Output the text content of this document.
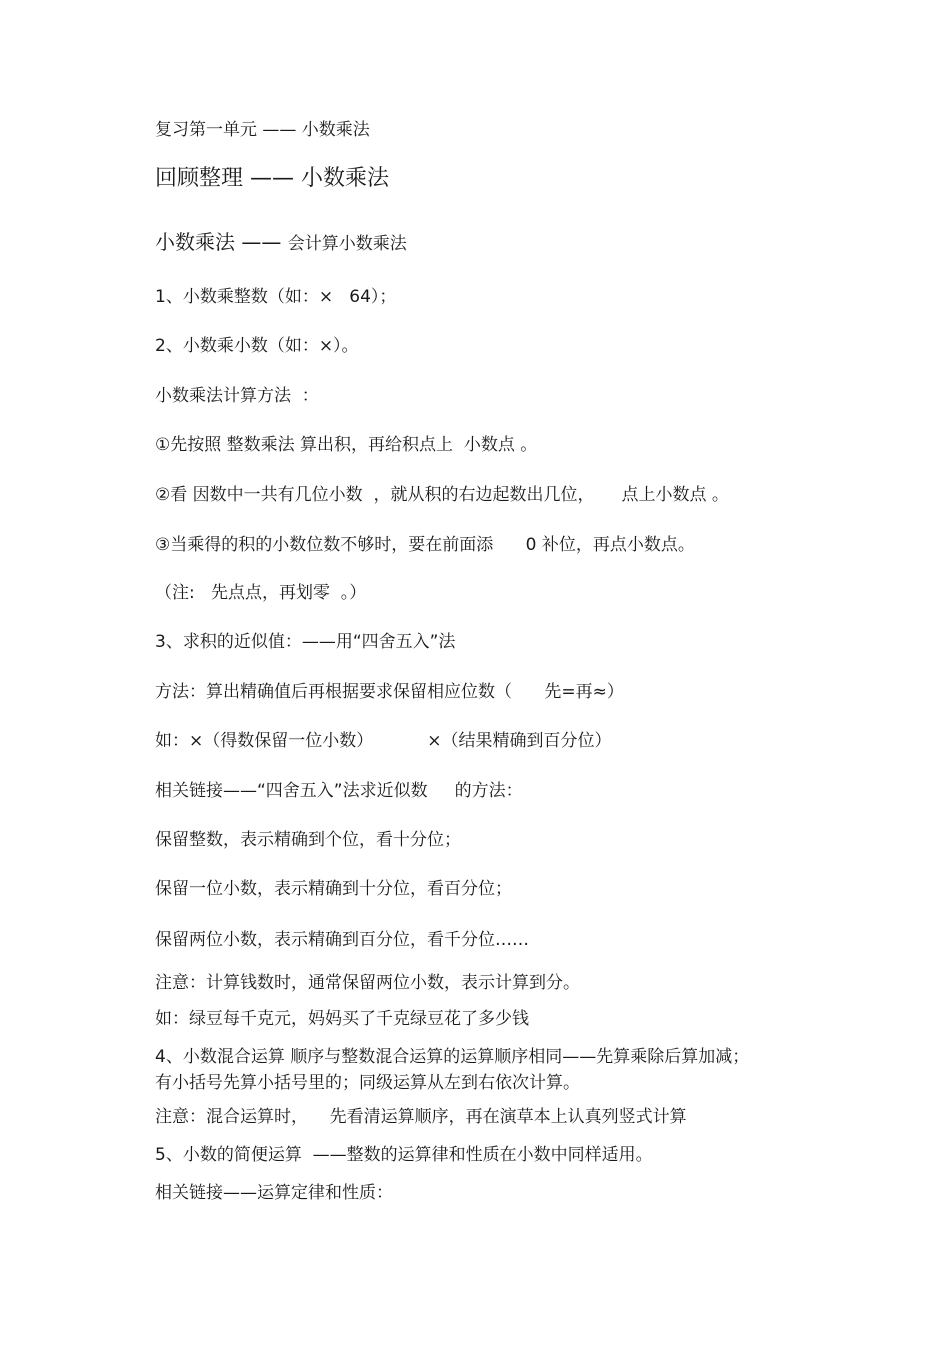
复习第一单元 —— 小数乘法
回顾整理 —— 小数乘法
小数乘法 —— 会计算小数乘法
1、小数乘整数（如：×   64）；
2、小数乘小数（如：×）。
小数乘法计算方法  ：
①先按照 整数乘法 算出积，再给积点上  小数点 。
②看 因数中一共有几位小数  ，就从积的右边起数出几位，     点上小数点 。
③当乘得的积的小数位数不够时，要在前面添      0 补位，再点小数点。
（注:   先点点，再划零  。）
3、求积的近似值：——用“四舍五入”法
方法：算出精确值后再根据要求保留相应位数（      先=再≈）
如：×（得数保留一位小数）          ×（结果精确到百分位）
相关链接——“四舍五入”法求近似数     的方法：
保留整数，表示精确到个位，看十分位；
保留一位小数，表示精确到十分位，看百分位；
保留两位小数，表示精确到百分位，看千分位……
注意：计算钱数时，通常保留两位小数，表示计算到分。
如：绿豆每千克元，妈妈买了千克绿豆花了多少钱
4、小数混合运算 顺序与整数混合运算的运算顺序相同——先算乘除后算加减；有小括号先算小括号里的；同级运算从左到右依次计算。
注意：混合运算时，    先看清运算顺序，再在演草本上认真列竖式计算
5、小数的简便运算  ——整数的运算律和性质在小数中同样适用。
相关链接——运算定律和性质：
